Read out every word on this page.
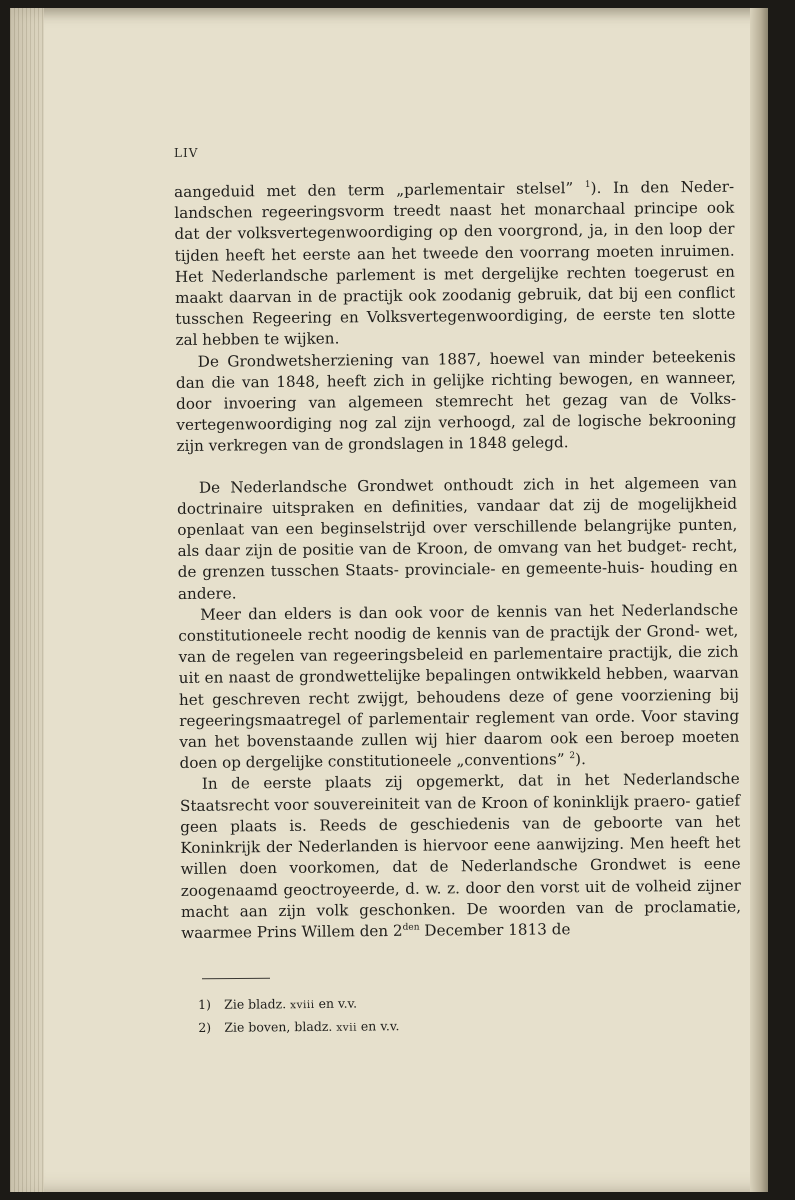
LIV

aangeduid met den term „parlementair stelsel” $^1$). In den Neder- landschen regeeringsvorm treedt naast het monarchaal principe ook dat der volksvertegenwoordiging op den voorgrond, ja, in den loop der tijden heeft het eerste aan het tweede den voorrang moeten inruimen. Het Nederlandsche parlement is met dergelijke rechten toegerust en maakt daarvan in de practijk ook zoodanig gebruik, dat bij een conflict tusschen Regeering en Volksvertegenwoordiging, de eerste ten slotte zal hebben te wijken.

De Grondwetsherziening van 1887, hoewel van minder beteekenis dan die van 1848, heeft zich in gelijke richting bewogen, en wanneer, door invoering van algemeen stemrecht het gezag van de Volks- vertegenwoordiging nog zal zijn verhoogd, zal de logische bekrooning zijn verkregen van de grondslagen in 1848 gelegd.

De Nederlandsche Grondwet onthoudt zich in het algemeen van doctrinaire uitspraken en definities, vandaar dat zij de mogelijkheid openlaat van een beginselstrijd over verschillende belangrijke punten, als daar zijn de positie van de Kroon, de omvang van het budget- recht, de grenzen tusschen Staats- provinciale- en gemeente-huis- houding en andere.

Meer dan elders is dan ook voor de kennis van het Nederlandsche constitutioneele recht noodig de kennis van de practijk der Grond- wet, van de regelen van regeeringsbeleid en parlementaire practijk, die zich uit en naast de grondwettelijke bepalingen ontwikkeld hebben, waarvan het geschreven recht zwijgt, behoudens deze of gene voorziening bij regeeringsmaatregel of parlementair reglement van orde. Voor staving van het bovenstaande zullen wij hier daarom ook een beroep moeten doen op dergelijke constitutioneele „conventions” $^2$).

In de eerste plaats zij opgemerkt, dat in het Nederlandsche Staatsrecht voor souvereiniteit van de Kroon of koninklijk praero- gatief geen plaats is. Reeds de geschiedenis van de geboorte van het Koninkrijk der Nederlanden is hiervoor eene aanwijzing. Men heeft het willen doen voorkomen, dat de Nederlandsche Grondwet is eene zoogenaamd geoctroyeerde, d. w. z. door den vorst uit de volheid zijner macht aan zijn volk geschonken. De woorden van de proclamatie, waarmee Prins Willem den $2^{den}$ December 1813 de

1) Zie bladz. xviii en v.v.
2) Zie boven, bladz. xvii en v.v.
